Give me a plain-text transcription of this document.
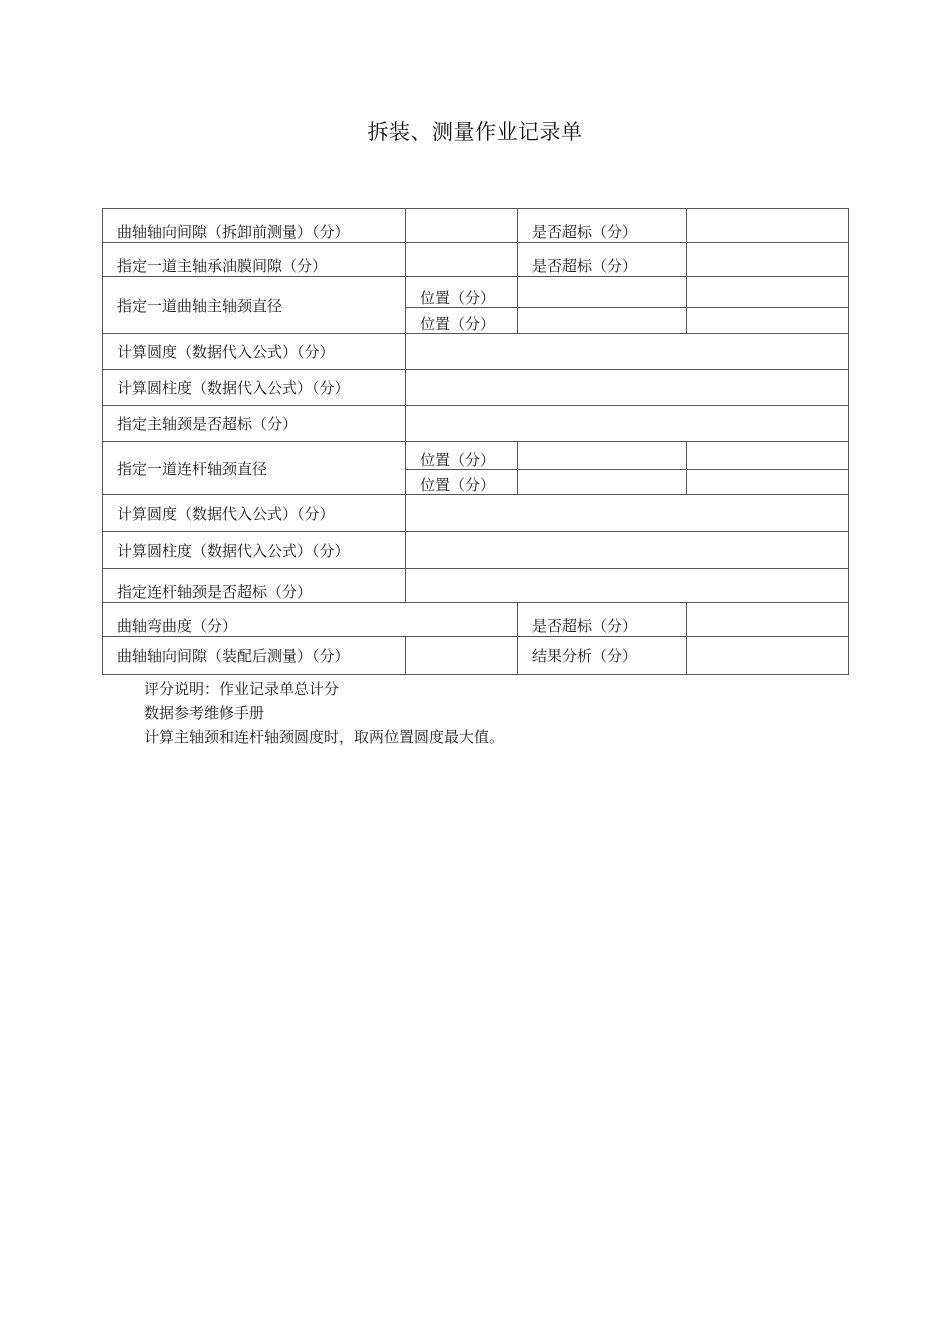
拆装、测量作业记录单
曲轴轴向间隙（拆卸前测量）（分）		是否超标（分）	
指定一道主轴承油膜间隙（分）		是否超标（分）	
指定一道曲轴主轴颈直径	位置（分）		
	位置（分）		
计算圆度（数据代入公式）（分）			
计算圆柱度（数据代入公式）（分）			
指定主轴颈是否超标（分）			
指定一道连杆轴颈直径	位置（分）		
	位置（分）		
计算圆度（数据代入公式）（分）			
计算圆柱度（数据代入公式）（分）			
指定连杆轴颈是否超标（分）			
曲轴弯曲度（分）		是否超标（分）	
曲轴轴向间隙（装配后测量）（分）		结果分析（分）	
评分说明：作业记录单总计分
数据参考维修手册
计算主轴颈和连杆轴颈圆度时，取两位置圆度最大值。
